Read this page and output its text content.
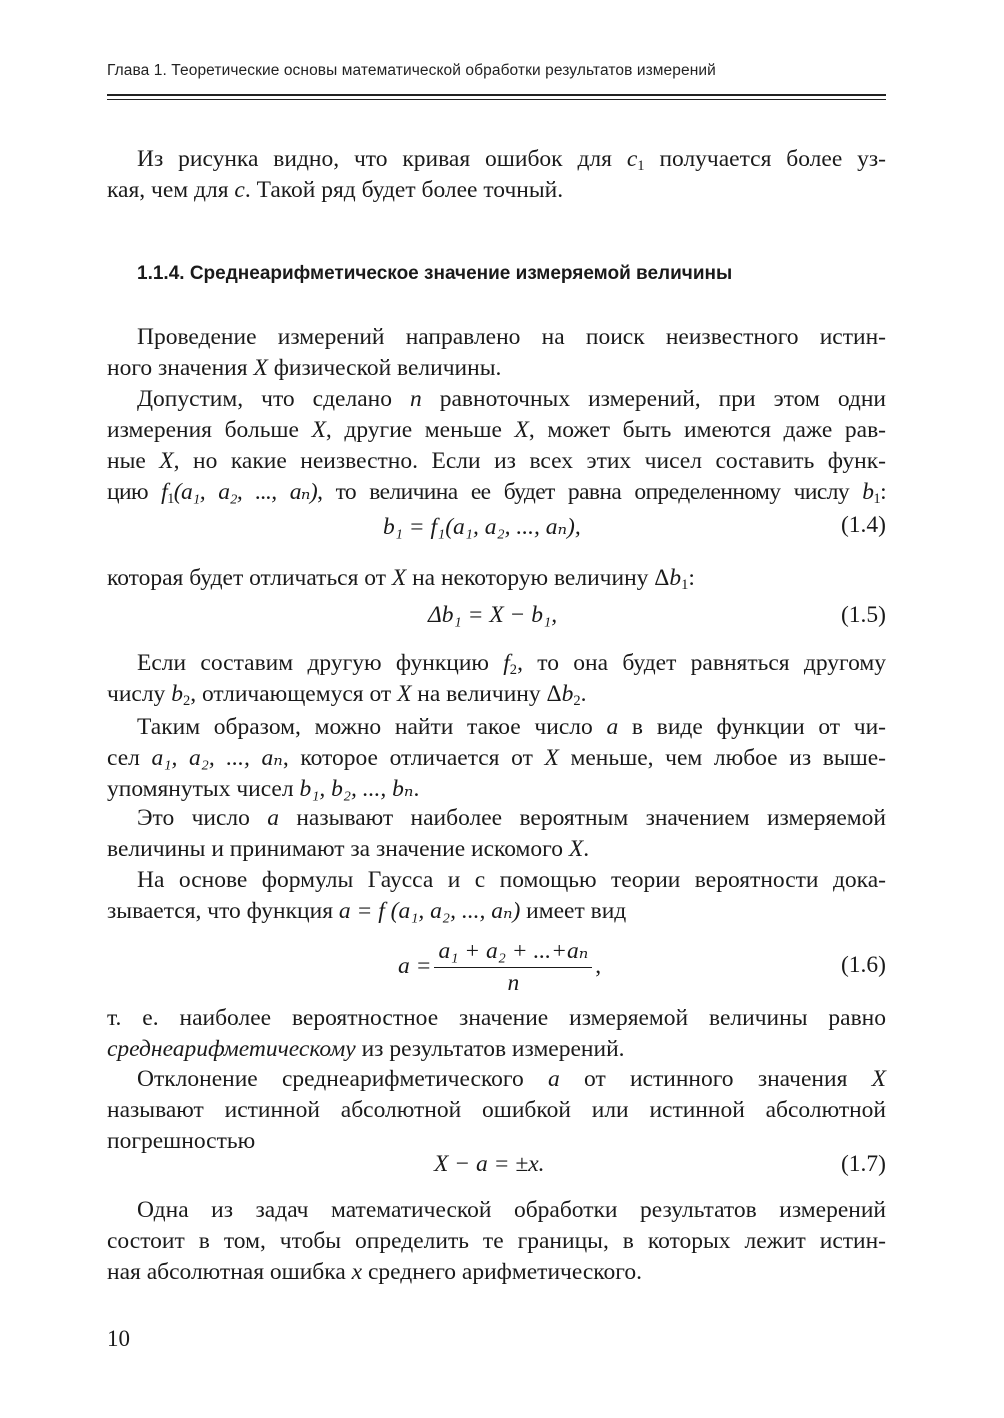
Глава 1. Теоретические основы математической обработки результатов измерений
Из рисунка видно, что кривая ошибок для $c_1$ получается более уз-
кая, чем для c. Такой ряд будет более точный.
1.1.4. Среднеарифметическое значение измеряемой величины
Проведение измерений направлено на поиск неизвестного истин-
ного значения X физической величины.
Допустим, что сделано n равноточных измерений, при этом одни
измерения больше X, другие меньше X, может быть имеются даже рав-
ные X, но какие неизвестно. Если из всех этих чисел составить функ-
цию $f_1(a_1$, a₂, ..., aₙ), то величина ее будет равна определенному числу $b_1$:
b₁ = f₁(a₁, a₂, ..., aₙ),	(1.4)
которая будет отличаться от X на некоторую величину $\Delta b_1$:
Δb₁ = X − b₁,	(1.5)
Если составим другую функцию $f_2$, то она будет равняться другому
числу $b_2$, отличающемуся от X на величину $\Delta b_2$.
Таким образом, можно найти такое число a в виде функции от чи-
сел a₁, a₂, ..., aₙ, которое отличается от X меньше, чем любое из выше-
упомянутых чисел b₁, b₂, ..., bₙ.
Это число a называют наиболее вероятным значением измеряемой
величины и принимают за значение искомого X.
На основе формулы Гаусса и с помощью теории вероятности дока-
зывается, что функция a = f (a₁, a₂, ..., aₙ) имеет вид
$a = \frac{\text{a₁ + a₂ + ...+aₙ}}{n}$ ,	(1.6)
т. е. наиболее вероятностное значение измеряемой величины равно
среднеарифметическому из результатов измерений.
Отклонение среднеарифметического a от истинного значения X
называют истинной абсолютной ошибкой или истинной абсолютной
погрешностью
X − a = ±x.	(1.7)
Одна из задач математической обработки результатов измерений
состоит в том, чтобы определить те границы, в которых лежит истин-
ная абсолютная ошибка x среднего арифметического.
10
